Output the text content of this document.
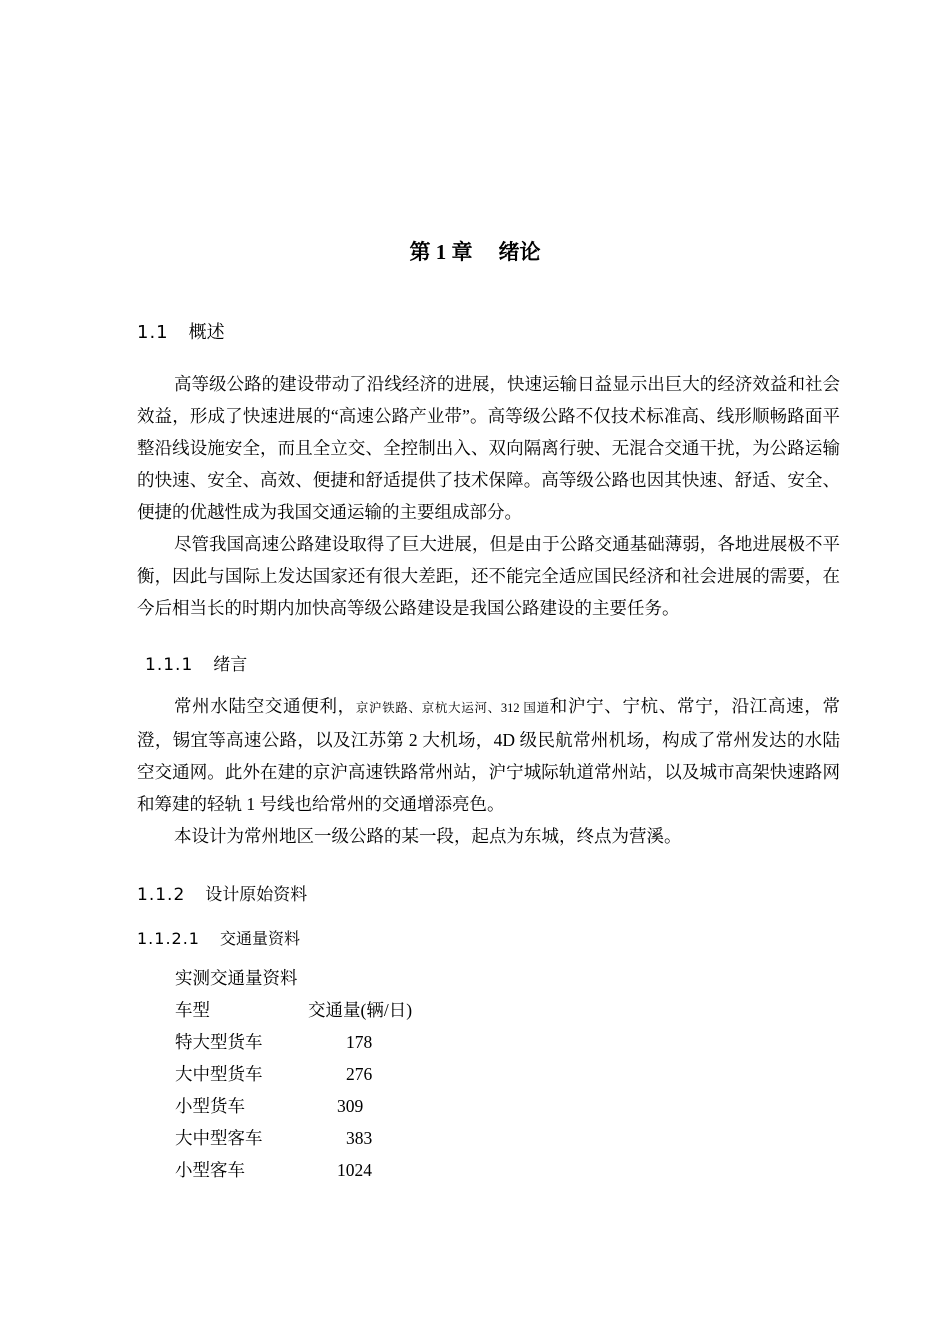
第 1 章 绪论
1.1 概述

高等级公路的建设带动了沿线经济的进展，快速运输日益显示出巨大的经济效益和社会效益，形成了快速进展的“高速公路产业带”。高等级公路不仅技术标准高、线形顺畅路面平整沿线设施安全，而且全立交、全控制出入、双向隔离行驶、无混合交通干扰，为公路运输的快速、安全、高效、便捷和舒适提供了技术保障。高等级公路也因其快速、舒适、安全、便捷的优越性成为我国交通运输的主要组成部分。

尽管我国高速公路建设取得了巨大进展，但是由于公路交通基础薄弱，各地进展极不平衡，因此与国际上发达国家还有很大差距，还不能完全适应国民经济和社会进展的需要，在今后相当长的时期内加快高等级公路建设是我国公路建设的主要任务。

1.1.1 绪言

常州水陆空交通便利，京沪铁路、京杭大运河、312 国道和沪宁、宁杭、常宁，沿江高速，常澄，锡宜等高速公路，以及江苏第 2 大机场，4D 级民航常州机场，构成了常州发达的水陆空交通网。此外在建的京沪高速铁路常州站，沪宁城际轨道常州站，以及城市高架快速路网和筹建的轻轨 1 号线也给常州的交通增添亮色。

本设计为常州地区一级公路的某一段，起点为东城，终点为营溪。

1.1.2 设计原始资料
1.1.2.1 交通量资料
实测交通量资料
车型	交通量(辆/日)
特大型货车	178
大中型货车	276
小型货车	309
大中型客车	383
小型客车	1024
